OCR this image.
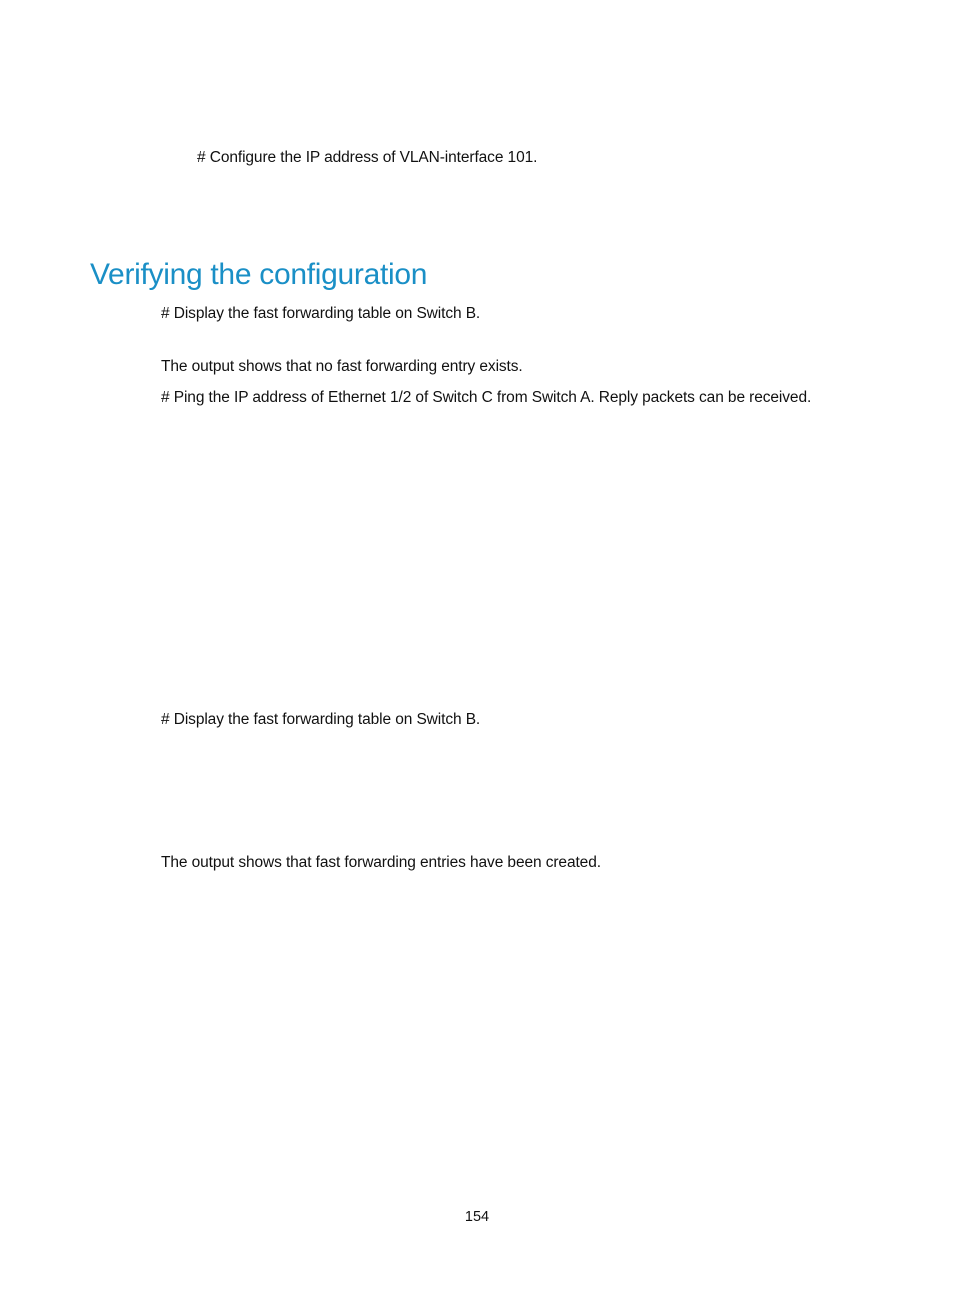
# Configure the IP address of VLAN-interface 101.
Verifying the configuration
# Display the fast forwarding table on Switch B.
The output shows that no fast forwarding entry exists.
# Ping the IP address of Ethernet 1/2 of Switch C from Switch A. Reply packets can be received.
# Display the fast forwarding table on Switch B.
The output shows that fast forwarding entries have been created.
154
